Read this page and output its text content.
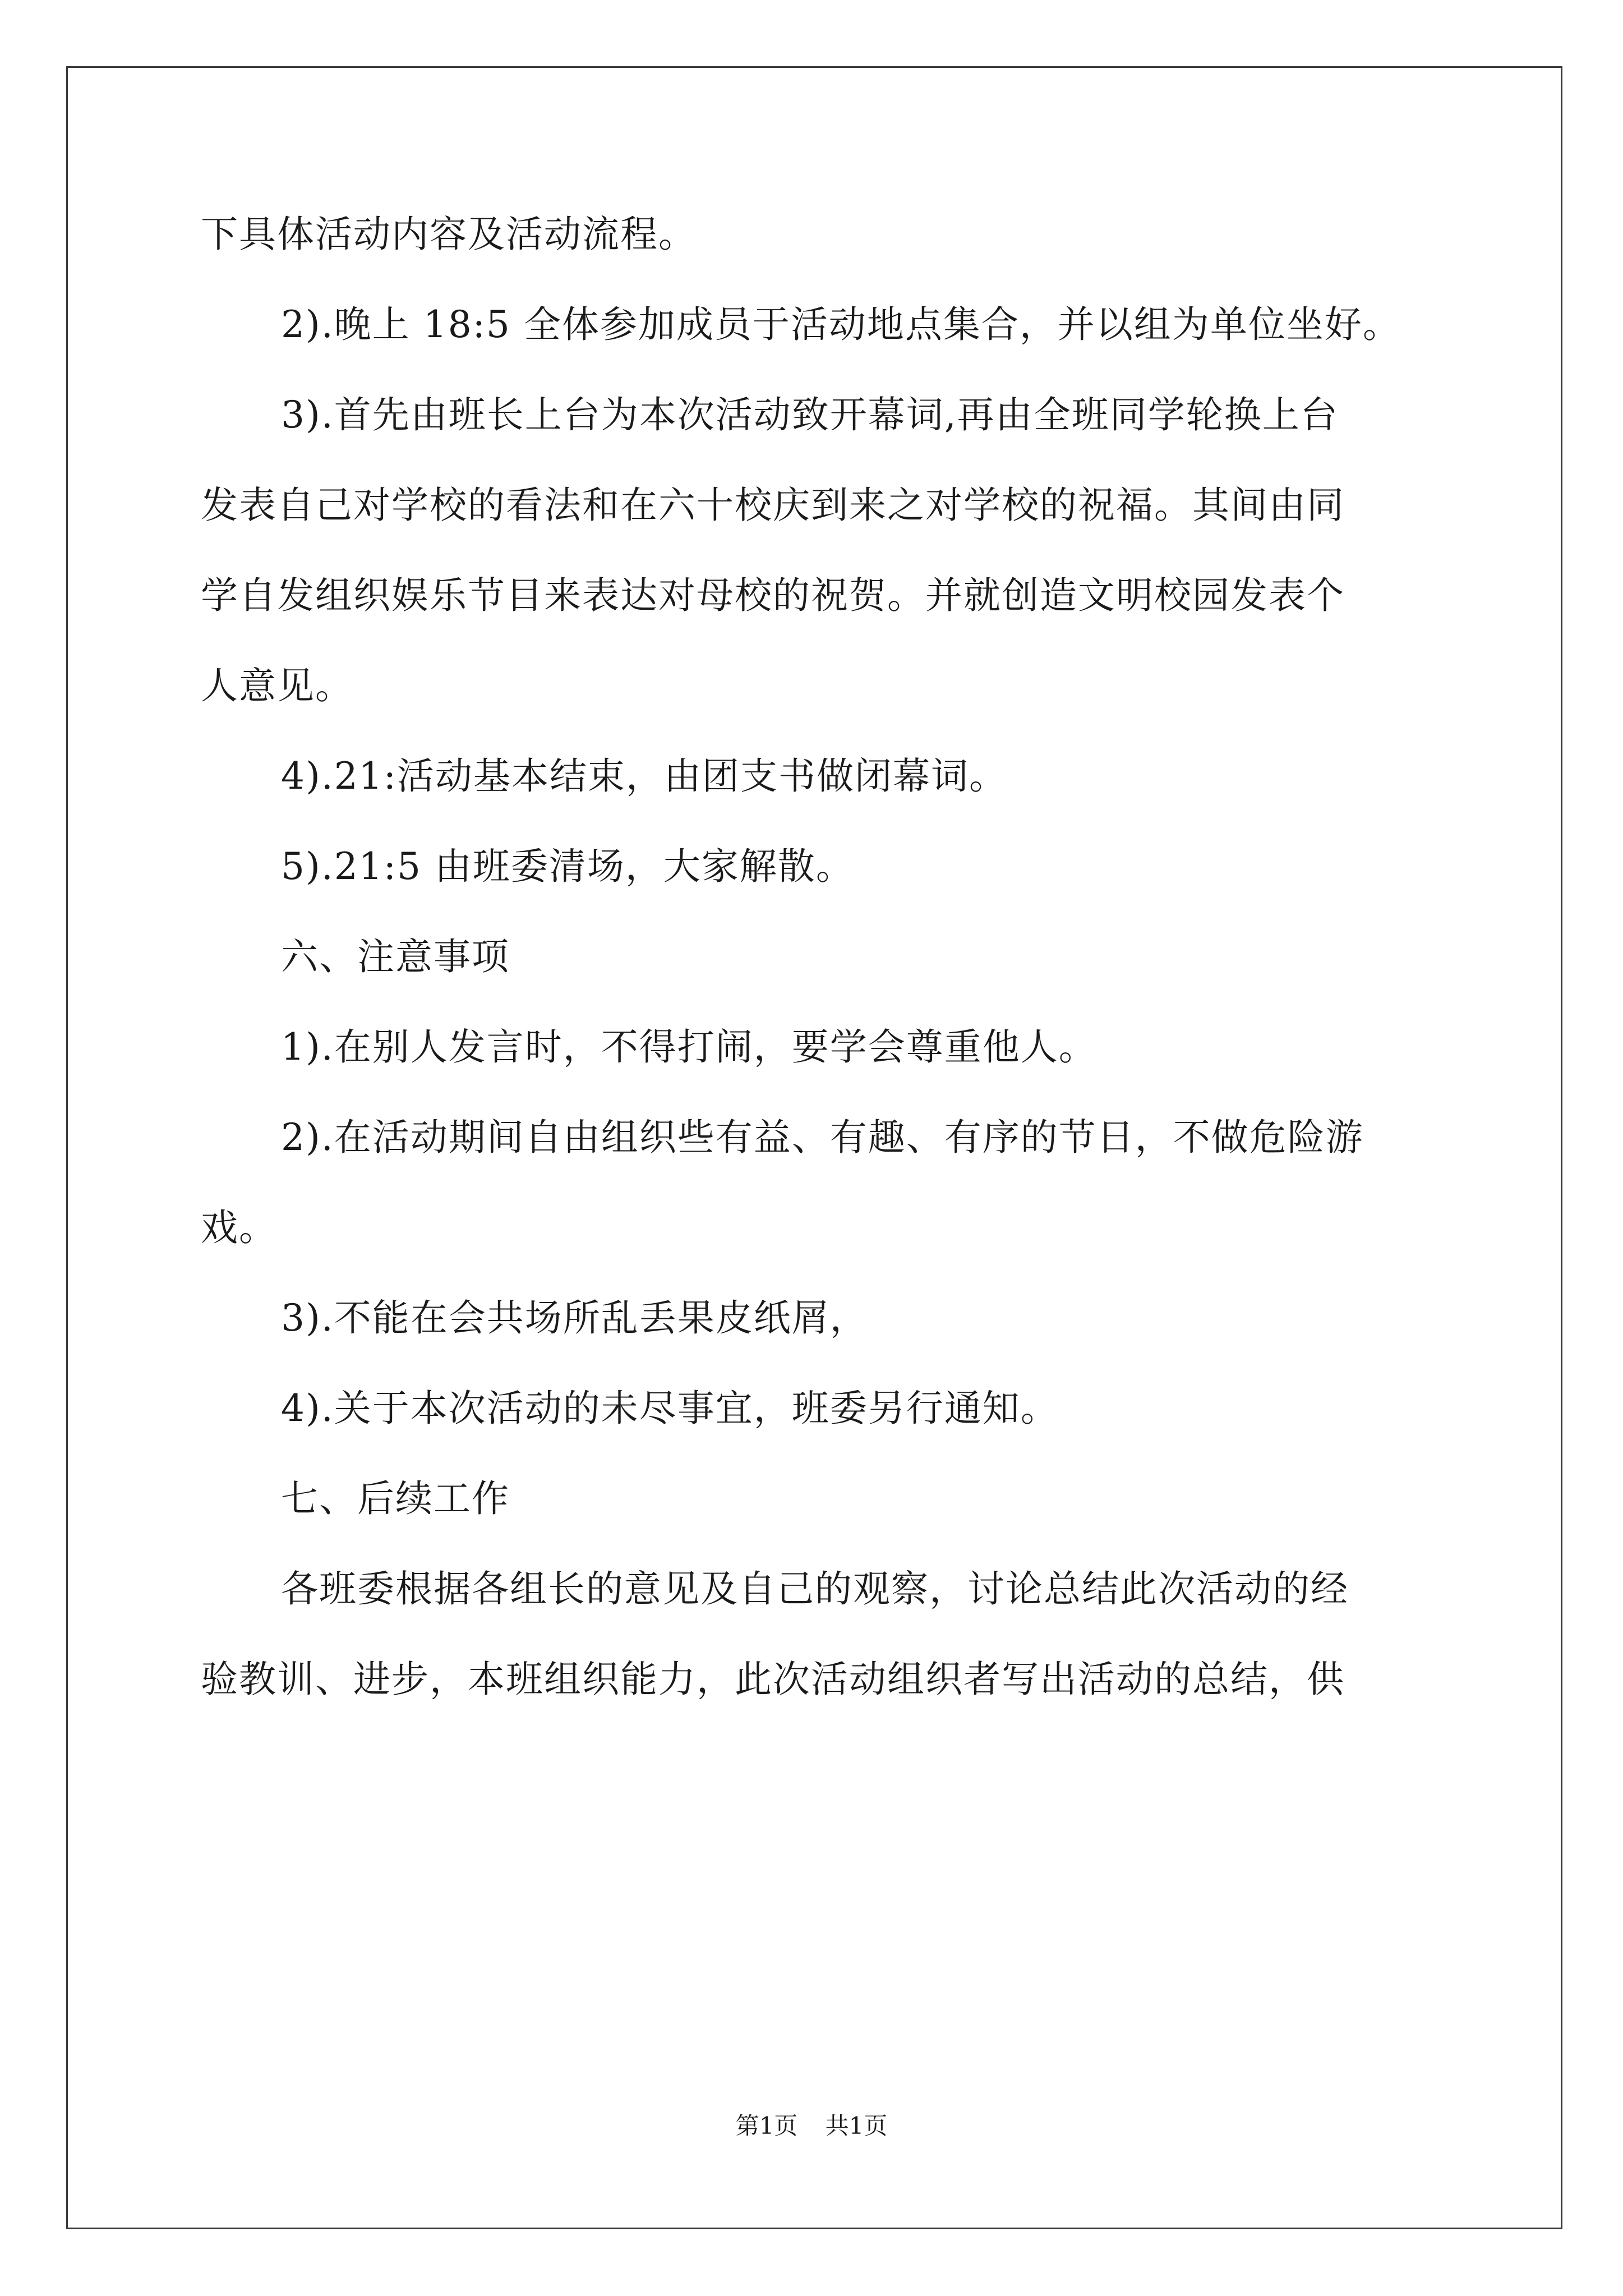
下具体活动内容及活动流程。
2).晚上 18:5 全体参加成员于活动地点集合，并以组为单位坐好。
3).首先由班长上台为本次活动致开幕词,再由全班同学轮换上台
发表自己对学校的看法和在六十校庆到来之对学校的祝福。其间由同
学自发组织娱乐节目来表达对母校的祝贺。并就创造文明校园发表个
人意见。
4).21:活动基本结束，由团支书做闭幕词。
5).21:5 由班委清场，大家解散。
六、注意事项
1).在别人发言时，不得打闹，要学会尊重他人。
2).在活动期间自由组织些有益、有趣、有序的节日，不做危险游
戏。
3).不能在会共场所乱丢果皮纸屑，
4).关于本次活动的未尽事宜，班委另行通知。
七、后续工作
各班委根据各组长的意见及自己的观察，讨论总结此次活动的经
验教训、进步，本班组织能力，此次活动组织者写出活动的总结，供
第1页 共1页
